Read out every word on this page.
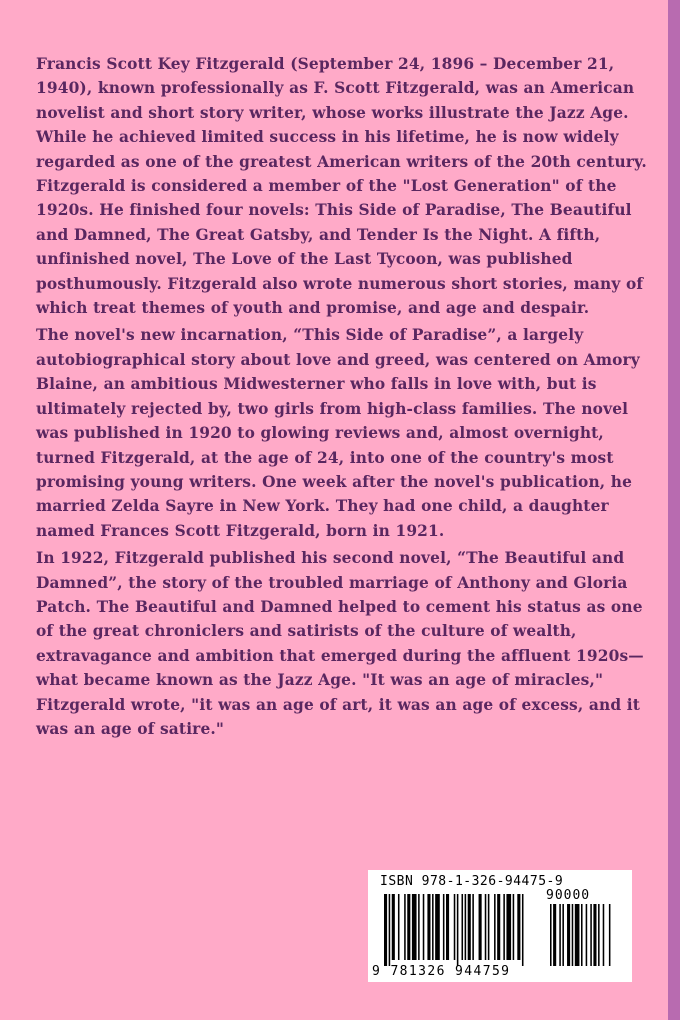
Francis Scott Key Fitzgerald (September 24, 1896 – December 21, 1940), known professionally as F. Scott Fitzgerald, was an American novelist and short story writer, whose works illustrate the Jazz Age. While he achieved limited success in his lifetime, he is now widely regarded as one of the greatest American writers of the 20th century. Fitzgerald is considered a member of the "Lost Generation" of the 1920s. He finished four novels: This Side of Paradise, The Beautiful and Damned, The Great Gatsby, and Tender Is the Night. A fifth, unfinished novel, The Love of the Last Tycoon, was published posthumously. Fitzgerald also wrote numerous short stories, many of which treat themes of youth and promise, and age and despair.

The novel's new incarnation, “This Side of Paradise”, a largely autobiographical story about love and greed, was centered on Amory Blaine, an ambitious Midwesterner who falls in love with, but is ultimately rejected by, two girls from high-class families. The novel was published in 1920 to glowing reviews and, almost overnight, turned Fitzgerald, at the age of 24, into one of the country's most promising young writers. One week after the novel's publication, he married Zelda Sayre in New York. They had one child, a daughter named Frances Scott Fitzgerald, born in 1921.

In 1922, Fitzgerald published his second novel, “The Beautiful and Damned”, the story of the troubled marriage of Anthony and Gloria Patch. The Beautiful and Damned helped to cement his status as one of the great chroniclers and satirists of the culture of wealth, extravagance and ambition that emerged during the affluent 1920s—what became known as the Jazz Age. "It was an age of miracles," Fitzgerald wrote, "it was an age of art, it was an age of excess, and it was an age of satire."

ISBN 978-1-326-94475-9
90000
9 781326 944759
